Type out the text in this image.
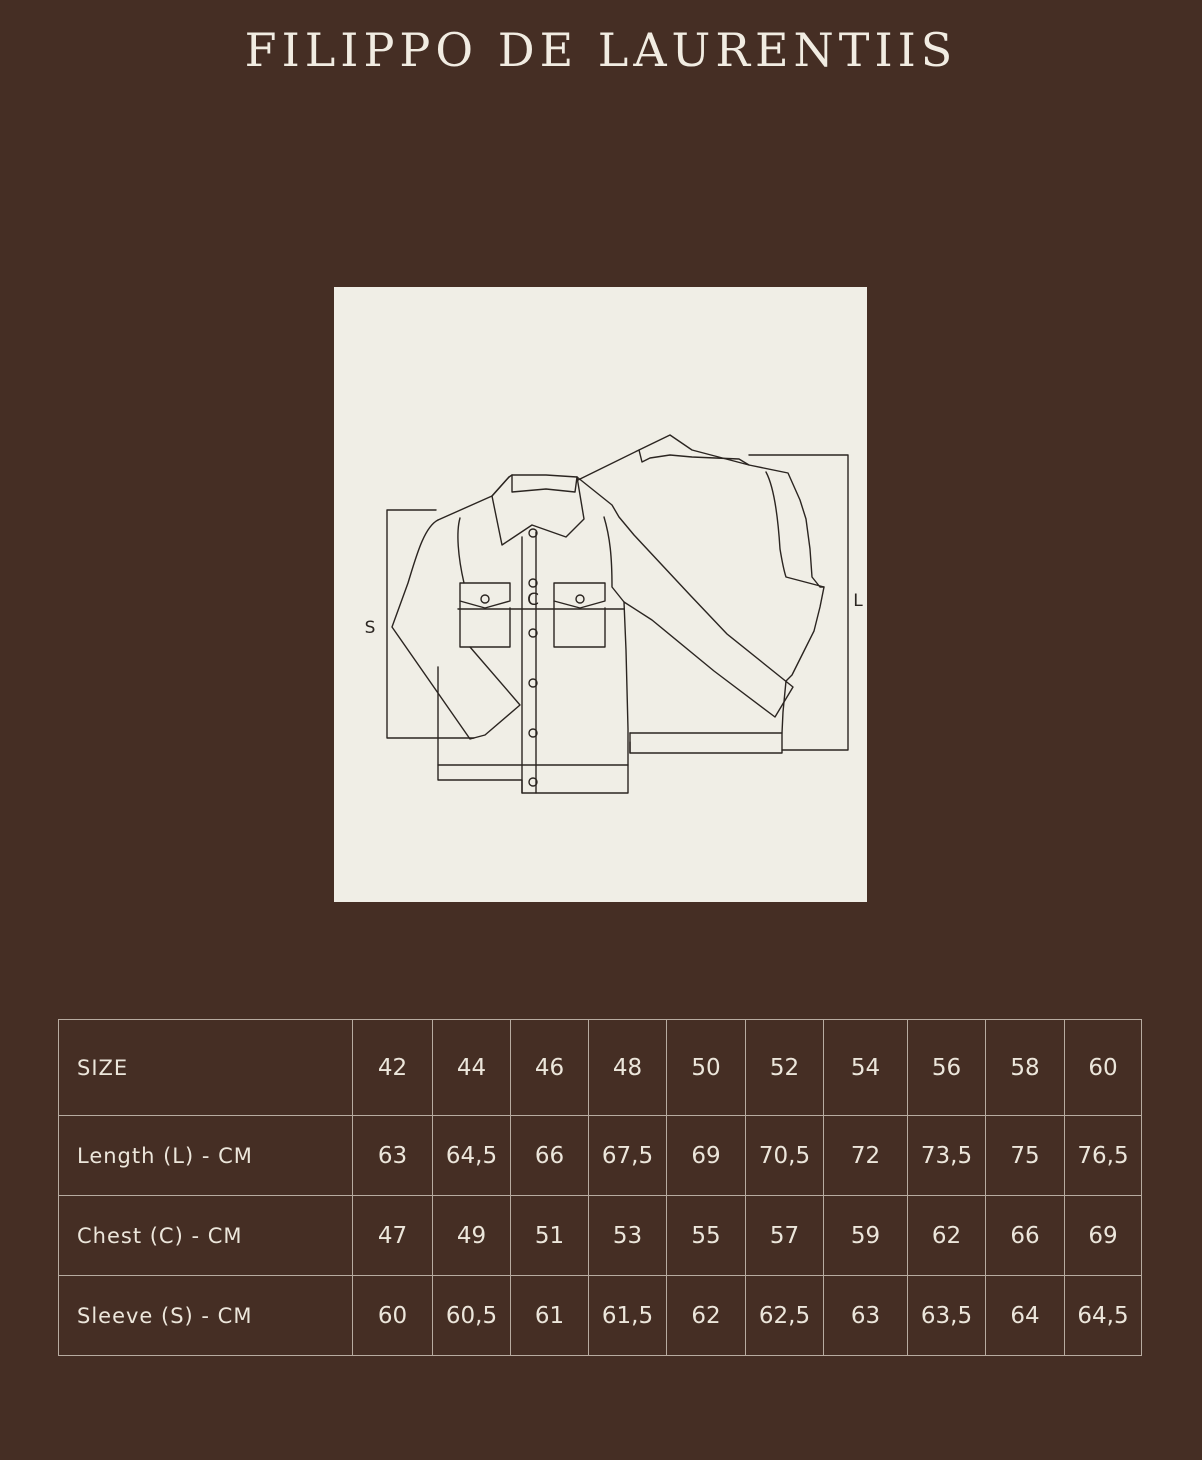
FILIPPO DE LAURENTIIS
C	L
S
SIZE	42	44	46	48	50	52	54	56	58	60
Length (L) - CM	63	64,5	66	67,5	69	70,5	72	73,5	75	76,5
Chest (C) - CM	47	49	51	53	55	57	59	62	66	69
Sleeve (S) - CM	60	60,5	61	61,5	62	62,5	63	63,5	64	64,5
